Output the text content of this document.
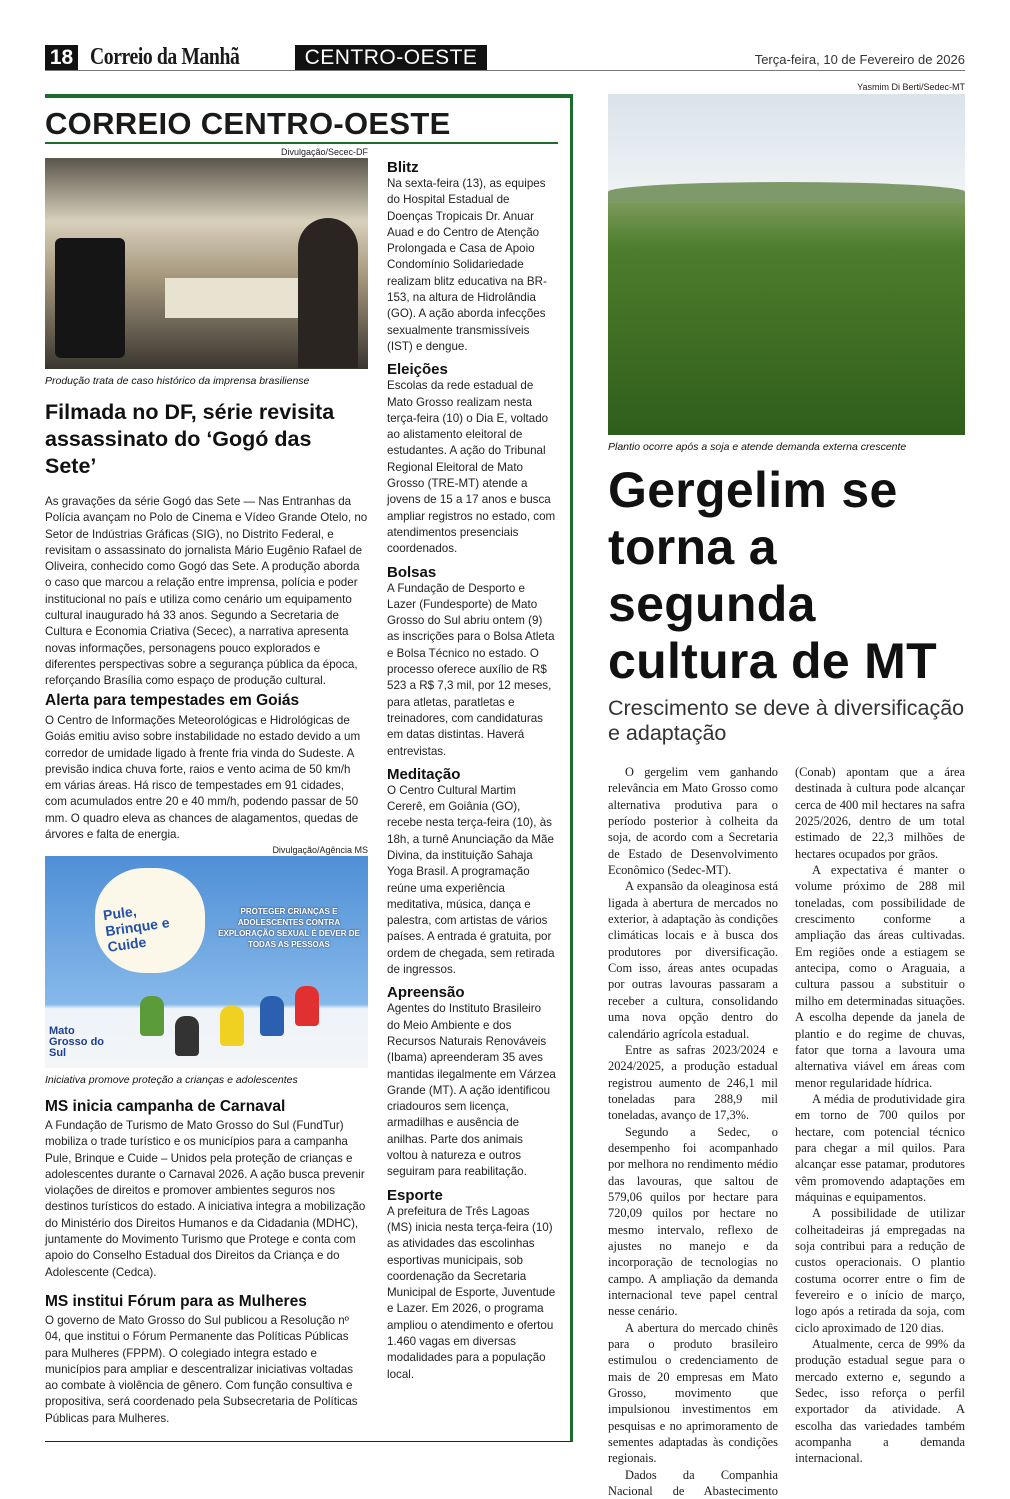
18 Correio da Manhã	CENTRO-OESTE	Terça-feira, 10 de Fevereiro de 2026
CORREIO CENTRO-OESTE
Divulgação/Secec-DF
Produção trata de caso histórico da imprensa brasiliense
Filmada no DF, série revisita assassinato do ‘Gogó das Sete’
As gravações da série Gogó das Sete — Nas Entranhas da Polícia avançam no Polo de Cinema e Vídeo Grande Otelo, no Setor de Indústrias Gráficas (SIG), no Distrito Federal, e revisitam o assassinato do jornalista Mário Eugênio Rafael de Oliveira, conhecido como Gogó das Sete. A produção aborda o caso que marcou a relação entre imprensa, polícia e poder institucional no país e utiliza como cenário um equipamento cultural inaugurado há 33 anos. Segundo a Secretaria de Cultura e Economia Criativa (Secec), a narrativa apresenta novas informações, personagens pouco explorados e diferentes perspectivas sobre a segurança pública da época, reforçando Brasília como espaço de produção cultural.
Alerta para tempestades em Goiás
O Centro de Informações Meteorológicas e Hidrológicas de Goiás emitiu aviso sobre instabilidade no estado devido a um corredor de umidade ligado à frente fria vinda do Sudeste. A previsão indica chuva forte, raios e vento acima de 50 km/h em várias áreas. Há risco de tempestades em 91 cidades, com acumulados entre 20 e 40 mm/h, podendo passar de 50 mm. O quadro eleva as chances de alagamentos, quedas de árvores e falta de energia.
Divulgação/Agência MS
Pule, Brinque e Cuide
PROTEGER CRIANÇAS E ADOLESCENTES CONTRA EXPLORAÇÃO SEXUAL É DEVER DE TODAS AS PESSOAS
Mato Grosso do Sul
Iniciativa promove proteção a crianças e adolescentes
MS inicia campanha de Carnaval
A Fundação de Turismo de Mato Grosso do Sul (FundTur) mobiliza o trade turístico e os municípios para a campanha Pule, Brinque e Cuide – Unidos pela proteção de crianças e adolescentes durante o Carnaval 2026. A ação busca prevenir violações de direitos e promover ambientes seguros nos destinos turísticos do estado. A iniciativa integra a mobilização do Ministério dos Direitos Humanos e da Cidadania (MDHC), juntamente do Movimento Turismo que Protege e conta com apoio do Conselho Estadual dos Direitos da Criança e do Adolescente (Cedca).
MS institui Fórum para as Mulheres
O governo de Mato Grosso do Sul publicou a Resolução nº 04, que institui o Fórum Permanente das Políticas Públicas para Mulheres (FPPM). O colegiado integra estado e municípios para ampliar e descentralizar iniciativas voltadas ao combate à violência de gênero. Com função consultiva e propositiva, será coordenado pela Subsecretaria de Políticas Públicas para Mulheres.
Blitz
Na sexta-feira (13), as equipes do Hospital Estadual de Doenças Tropicais Dr. Anuar Auad e do Centro de Atenção Prolongada e Casa de Apoio Condomínio Solidariedade realizam blitz educativa na BR-153, na altura de Hidrolândia (GO). A ação aborda infecções sexualmente transmissíveis (IST) e dengue.
Eleições
Escolas da rede estadual de Mato Grosso realizam nesta terça-feira (10) o Dia E, voltado ao alistamento eleitoral de estudantes. A ação do Tribunal Regional Eleitoral de Mato Grosso (TRE-MT) atende a jovens de 15 a 17 anos e busca ampliar registros no estado, com atendimentos presenciais coordenados.
Bolsas
A Fundação de Desporto e Lazer (Fundesporte) de Mato Grosso do Sul abriu ontem (9) as inscrições para o Bolsa Atleta e Bolsa Técnico no estado. O processo oferece auxílio de R$ 523 a R$ 7,3 mil, por 12 meses, para atletas, paratletas e treinadores, com candidaturas em datas distintas. Haverá entrevistas.
Meditação
O Centro Cultural Martim Cererê, em Goiânia (GO), recebe nesta terça-feira (10), às 18h, a turnê Anunciação da Mãe Divina, da instituição Sahaja Yoga Brasil. A programação reúne uma experiência meditativa, música, dança e palestra, com artistas de vários países. A entrada é gratuita, por ordem de chegada, sem retirada de ingressos.
Apreensão
Agentes do Instituto Brasileiro do Meio Ambiente e dos Recursos Naturais Renováveis (Ibama) apreenderam 35 aves mantidas ilegalmente em Várzea Grande (MT). A ação identificou criadouros sem licença, armadilhas e ausência de anilhas. Parte dos animais voltou à natureza e outros seguiram para reabilitação.
Esporte
A prefeitura de Três Lagoas (MS) inicia nesta terça-feira (10) as atividades das escolinhas esportivas municipais, sob coordenação da Secretaria Municipal de Esporte, Juventude e Lazer. Em 2026, o programa ampliou o atendimento e ofertou 1.460 vagas em diversas modalidades para a população local.
Yasmim Di Berti/Sedec-MT
Plantio ocorre após a soja e atende demanda externa crescente
Gergelim se torna a segunda cultura de MT
Crescimento se deve à diversificação e adaptação

O gergelim vem ganhando relevância em Mato Grosso como alternativa produtiva para o período posterior à colheita da soja, de acordo com a Secretaria de Estado de Desenvolvimento Econômico (Sedec-MT).

A expansão da oleaginosa está ligada à abertura de mercados no exterior, à adaptação às condições climáticas locais e à busca dos produtores por diversificação. Com isso, áreas antes ocupadas por outras lavouras passaram a receber a cultura, consolidando uma nova opção dentro do calendário agrícola estadual.

Entre as safras 2023/2024 e 2024/2025, a produção estadual registrou aumento de 246,1 mil toneladas para 288,9 mil toneladas, avanço de 17,3%.

Segundo a Sedec, o desempenho foi acompanhado por melhora no rendimento médio das lavouras, que saltou de 579,06 quilos por hectare para 720,09 quilos por hectare no mesmo intervalo, reflexo de ajustes no manejo e da incorporação de tecnologias no campo. A ampliação da demanda internacional teve papel central nesse cenário.

A abertura do mercado chinês para o produto brasileiro estimulou o credenciamento de mais de 20 empresas em Mato Grosso, movimento que impulsionou investimentos em pesquisas e no aprimoramento de sementes adaptadas às condições regionais.

Dados da Companhia Nacional de Abastecimento (Conab) apontam que a área destinada à cultura pode alcançar cerca de 400 mil hectares na safra 2025/2026, dentro de um total estimado de 22,3 milhões de hectares ocupados por grãos.

A expectativa é manter o volume próximo de 288 mil toneladas, com possibilidade de crescimento conforme a ampliação das áreas cultivadas. Em regiões onde a estiagem se antecipa, como o Araguaia, a cultura passou a substituir o milho em determinadas situações. A escolha depende da janela de plantio e do regime de chuvas, fator que torna a lavoura uma alternativa viável em áreas com menor regularidade hídrica.

A média de produtividade gira em torno de 700 quilos por hectare, com potencial técnico para chegar a mil quilos. Para alcançar esse patamar, produtores vêm promovendo adaptações em máquinas e equipamentos.

A possibilidade de utilizar colheitadeiras já empregadas na soja contribui para a redução de custos operacionais. O plantio costuma ocorrer entre o fim de fevereiro e o início de março, logo após a retirada da soja, com ciclo aproximado de 120 dias.

Atualmente, cerca de 99% da produção estadual segue para o mercado externo e, segundo a Sedec, isso reforça o perfil exportador da atividade. A escolha das variedades também acompanha a demanda internacional.
